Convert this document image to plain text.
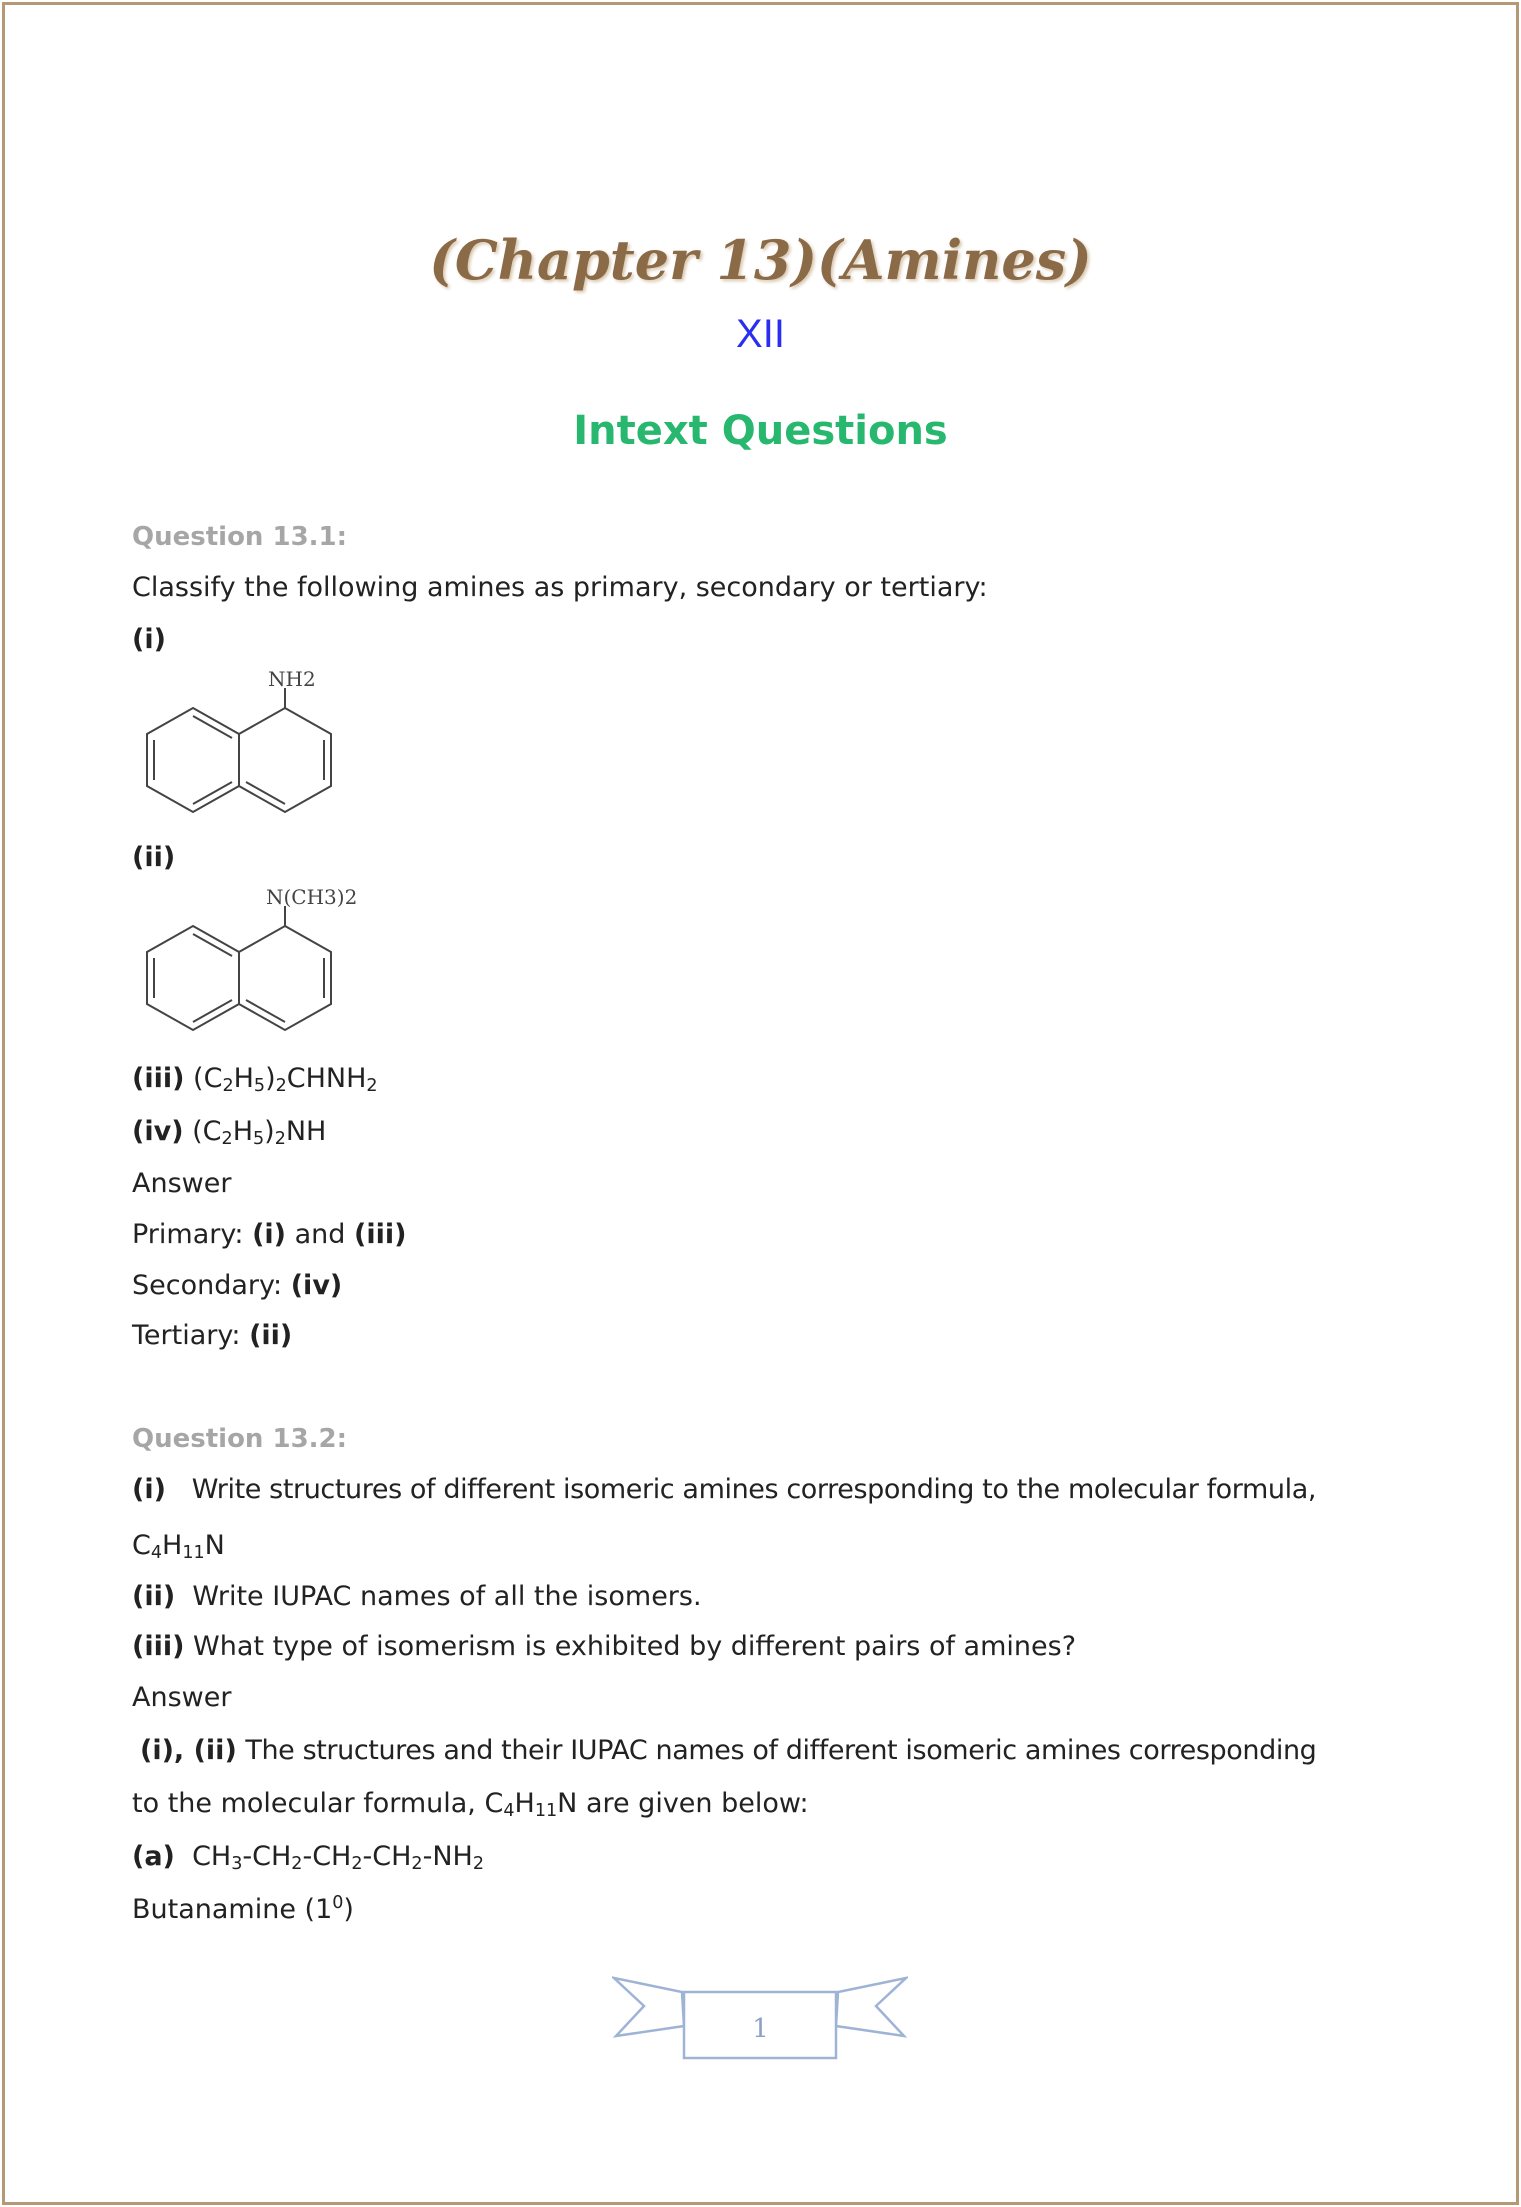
(Chapter 13)(Amines)
XII
Intext Questions
Question 13.1:
Classify the following amines as primary, secondary or tertiary:
(i)
NH2
(ii)
N(CH3)2
(iii) $(C_2H_5)_2CHNH_2$
(iv) $(C_2H_5)_2NH$
Answer
Primary: (i) and (iii)
Secondary: (iv)
Tertiary: (ii)
Question 13.2:
(i) Write structures of different isomeric amines corresponding to the molecular formula,
$C_4H_{11}N$
(ii) Write IUPAC names of all the isomers.
(iii) What type of isomerism is exhibited by different pairs of amines?
Answer
(i), (ii) The structures and their IUPAC names of different isomeric amines corresponding
to the molecular formula, $C_4H_{11}N$ are given below:
(a) $CH_3-CH_2-CH_2-CH_2-NH_2$
Butanamine $(1^0)$
1
